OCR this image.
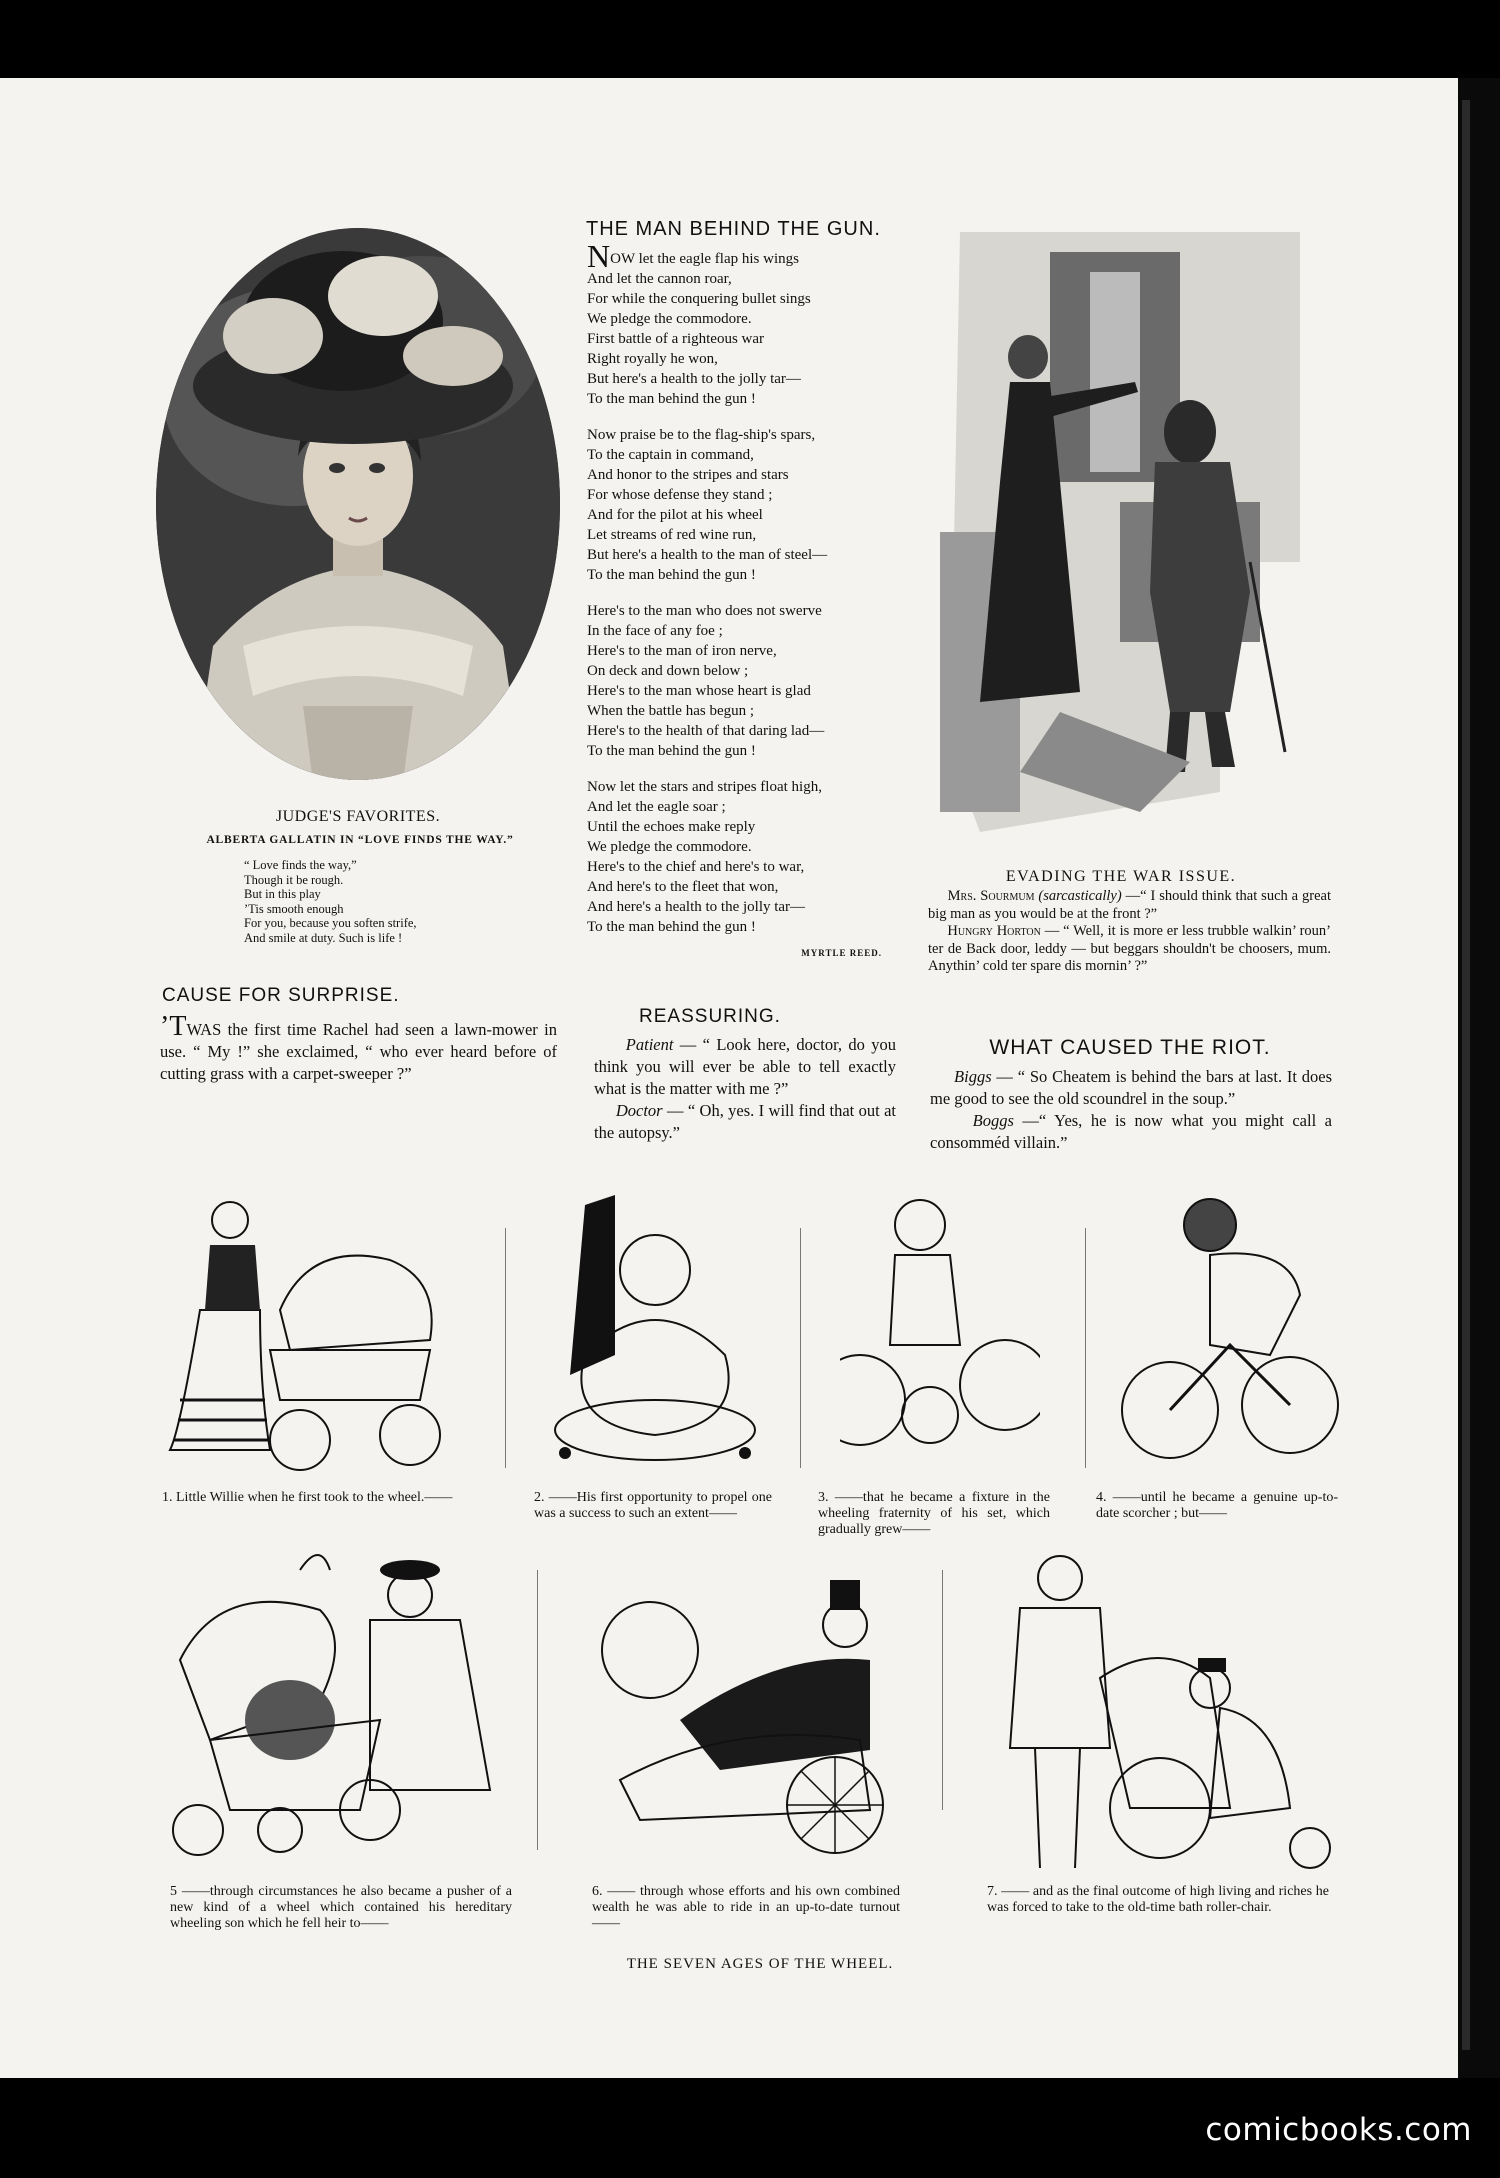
JUDGE'S FAVORITES.
ALBERTA GALLATIN IN “LOVE FINDS THE WAY.”
“ Love finds the way,”
Though it be rough.
But in this play
’Tis smooth enough
For you, because you soften strife,
And smile at duty. Such is life !
THE MAN BEHIND THE GUN.
NOW let the eagle flap his wings
And let the cannon roar,
For while the conquering bullet sings
We pledge the commodore.
First battle of a righteous war
Right royally he won,
But here's a health to the jolly tar—
To the man behind the gun !
Now praise be to the flag-ship's spars,
To the captain in command,
And honor to the stripes and stars
For whose defense they stand ;
And for the pilot at his wheel
Let streams of red wine run,
But here's a health to the man of steel—
To the man behind the gun !
Here's to the man who does not swerve
In the face of any foe ;
Here's to the man of iron nerve,
On deck and down below ;
Here's to the man whose heart is glad
When the battle has begun ;
Here's to the health of that daring lad—
To the man behind the gun !
Now let the stars and stripes float high,
And let the eagle soar ;
Until the echoes make reply
We pledge the commodore.
Here's to the chief and here's to war,
And here's to the fleet that won,
And here's a health to the jolly tar—
To the man behind the gun !
MYRTLE REED.
EVADING THE WAR ISSUE.
Mrs. Sourmum (sarcastically) —“ I should think that such a great big man as you would be at the front ?”
Hungry Horton — “ Well, it is more er less trubble walkin’ roun’ ter de Back door, leddy — but beggars shouldn't be choosers, mum. Anythin’ cold ter spare dis mornin’ ?”
CAUSE FOR SURPRISE.
’TWAS the first time Rachel had seen a lawn-mower in use. “ My !” she exclaimed, “ who ever heard before of cutting grass with a carpet-sweeper ?”
REASSURING.
Patient — “ Look here, doctor, do you think you will ever be able to tell exactly what is the matter with me ?”
Doctor — “ Oh, yes. I will find that out at the autopsy.”
WHAT CAUSED THE RIOT.
Biggs — “ So Cheatem is behind the bars at last. It does me good to see the old scoundrel in the soup.”
Boggs —“ Yes, he is now what you might call a consomméd villain.”
1. Little Willie when he first took to the wheel.——	2. ——His first opportunity to propel one was a success to such an extent——
3. ——that he became a fixture in the wheeling fraternity of his set, which gradually grew——
4. ——until he became a genuine up-to-date scorcher ; but——
5 ——through circumstances he also became a pusher of a new kind of a wheel which contained his hereditary wheeling son which he fell heir to——
6. —— through whose efforts and his own combined wealth he was able to ride in an up-to-date turnout——
7. —— and as the final outcome of high living and riches he was forced to take to the old-time bath roller-chair.
THE SEVEN AGES OF THE WHEEL.
comicbooks.com
